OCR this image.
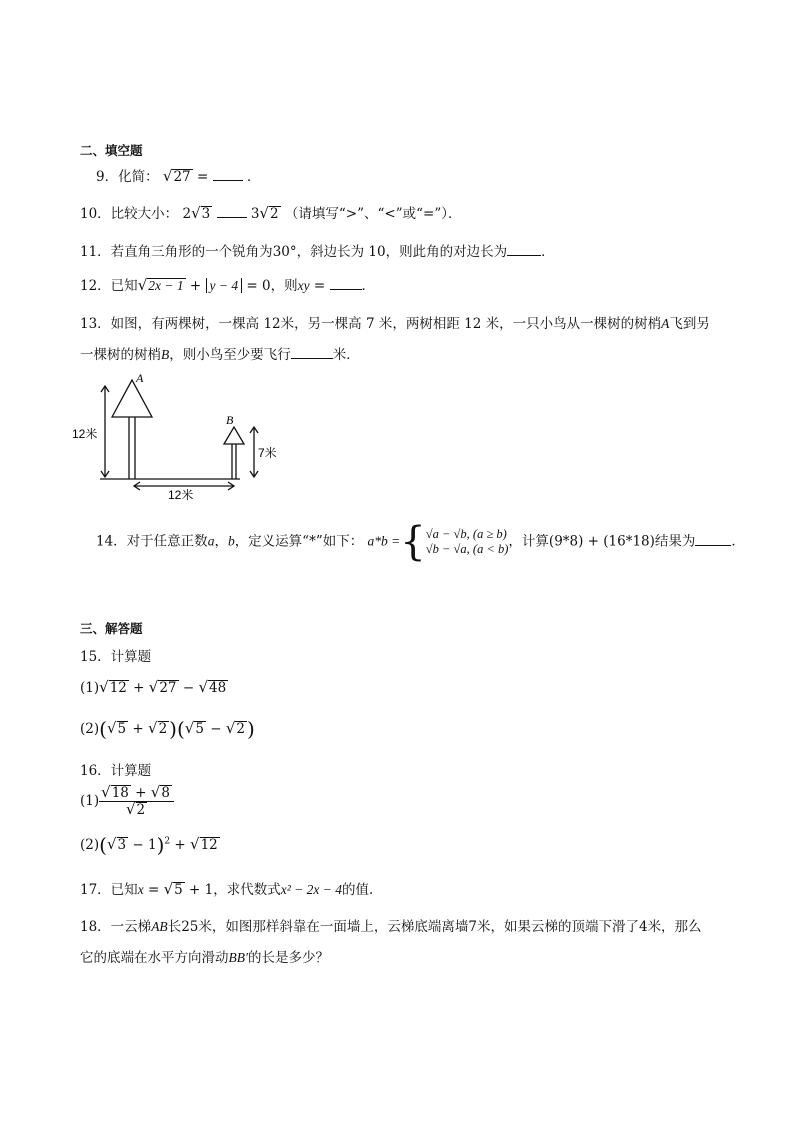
二、填空题
9．化简： √ 27 =	．
10．比较大小： 2 √ 3	3 √ 2 （请填写“>”、“<”或“=”）．
11．若直角三角形的一个锐角为30°，斜边长为 10，则此角的对边长为	．
12．已知 √ 2x − 1 + y − 4 = 0，则xy = ．
13．如图，有两棵树，一棵高 12米，另一棵高 7 米，两树相距 12 米，一只小鸟从一棵树的树梢A飞到另
一棵树的树梢B，则小鸟至少要飞行	米．
A
B
12米
7米
12米
14．对于任意正数a，b，定义运算“*”如下： a*b ={ √a − √b, (a ≥ b)
√b − √a, (a < b) ，计算(9*8) + (16*18)结果为	．
三、解答题
15．计算题
(1) √ 12 + √ 27 − √ 48
(2)( √ 5 + √ 2 )( √ 5 − √ 2 )
16．计算题
$(1) \frac{√ 18 + √ 8}{√ 2}$
(2)( √ 3 − 1)$^2$ + √ 12
17．已知x = √ 5 + 1，求代数式x² − 2x − 4的值．
18．一云梯AB长25米，如图那样斜靠在一面墙上，云梯底端离墙7米，如果云梯的顶端下滑了4米，那么
它的底端在水平方向滑动BB′的长是多少？
